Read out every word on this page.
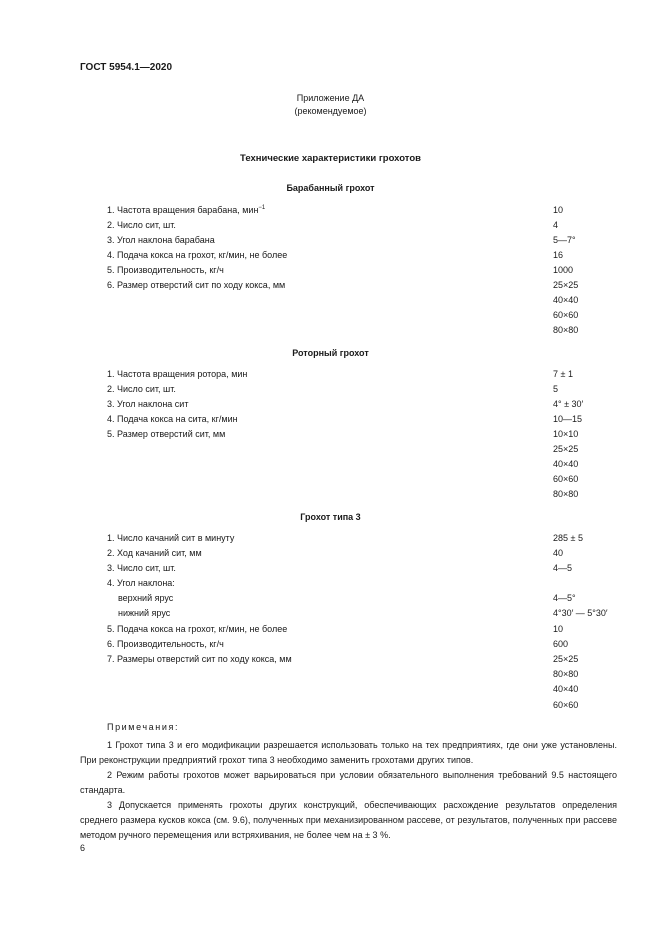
ГОСТ 5954.1—2020
Приложение ДА
(рекомендуемое)
Технические характеристики грохотов
Барабанный грохот
1. Частота вращения барабана, мин$^{-1}$	10
2. Число сит, шт.	4
3. Угол наклона барабана	5—7°
4. Подача кокса на грохот, кг/мин, не более	16
5. Производительность, кг/ч	1000
6. Размер отверстий сит по ходу кокса, мм	25×25
40×40
60×60
80×80
Роторный грохот
1. Частота вращения ротора, мин	7 ± 1
2. Число сит, шт.	5
3. Угол наклона сит	4° ± 30′
4. Подача кокса на сита, кг/мин	10—15
5. Размер отверстий сит, мм	10×10
25×25
40×40
60×60
80×80
Грохот типа 3
1. Число качаний сит в минуту	285 ± 5
2. Ход качаний сит, мм	40
3. Число сит, шт.	4—5
4. Угол наклона:
верхний ярус	4—5°
нижний ярус	4°30′ — 5°30′
5. Подача кокса на грохот, кг/мин, не более	10
6. Производительность, кг/ч	600
7. Размеры отверстий сит по ходу кокса, мм	25×25
80×80
40×40
60×60
Примечания:
1 Грохот типа 3 и его модификации разрешается использовать только на тех предприятиях, где они уже установлены. При реконструкции предприятий грохот типа 3 необходимо заменить грохотами других типов.
2 Режим работы грохотов может варьироваться при условии обязательного выполнения требований 9.5 настоящего стандарта.
3 Допускается применять грохоты других конструкций, обеспечивающих расхождение результатов определения среднего размера кусков кокса (см. 9.6), полученных при механизированном рассеве, от результатов, полученных при рассеве методом ручного перемещения или встряхивания, не более чем на ± 3 %.
6
